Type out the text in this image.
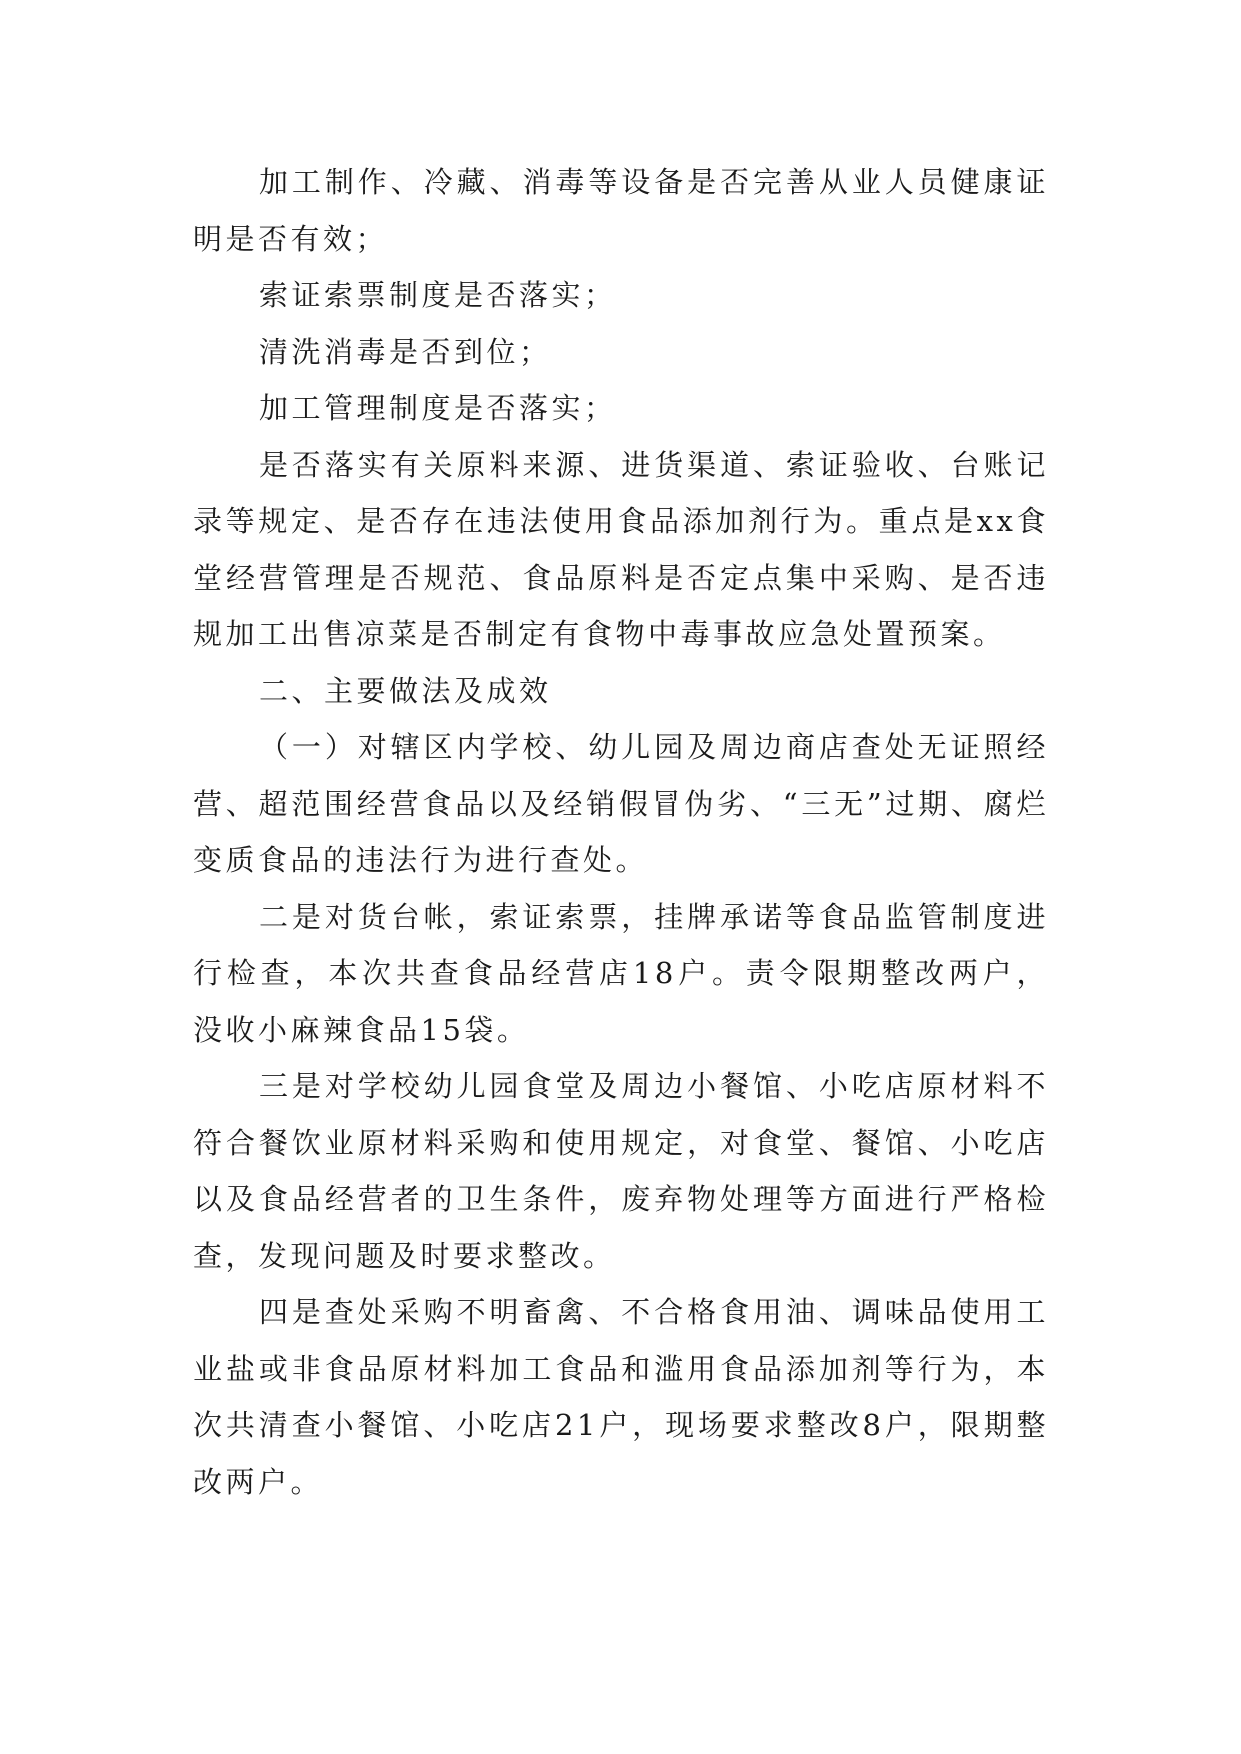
加工制作、冷藏、消毒等设备是否完善从业人员健康证明是否有效；

索证索票制度是否落实；

清洗消毒是否到位；

加工管理制度是否落实；

是否落实有关原料来源、进货渠道、索证验收、台账记录等规定、是否存在违法使用食品添加剂行为。重点是xx食堂经营管理是否规范、食品原料是否定点集中采购、是否违规加工出售凉菜是否制定有食物中毒事故应急处置预案。

二、主要做法及成效

（一）对辖区内学校、幼儿园及周边商店查处无证照经营、超范围经营食品以及经销假冒伪劣、“三无”过期、腐烂变质食品的违法行为进行查处。

二是对货台帐，索证索票，挂牌承诺等食品监管制度进行检查，本次共查食品经营店18户。责令限期整改两户，没收小麻辣食品15袋。

三是对学校幼儿园食堂及周边小餐馆、小吃店原材料不符合餐饮业原材料采购和使用规定，对食堂、餐馆、小吃店以及食品经营者的卫生条件，废弃物处理等方面进行严格检查，发现问题及时要求整改。

四是查处采购不明畜禽、不合格食用油、调味品使用工业盐或非食品原材料加工食品和滥用食品添加剂等行为，本次共清查小餐馆、小吃店21户，现场要求整改8户，限期整改两户。
